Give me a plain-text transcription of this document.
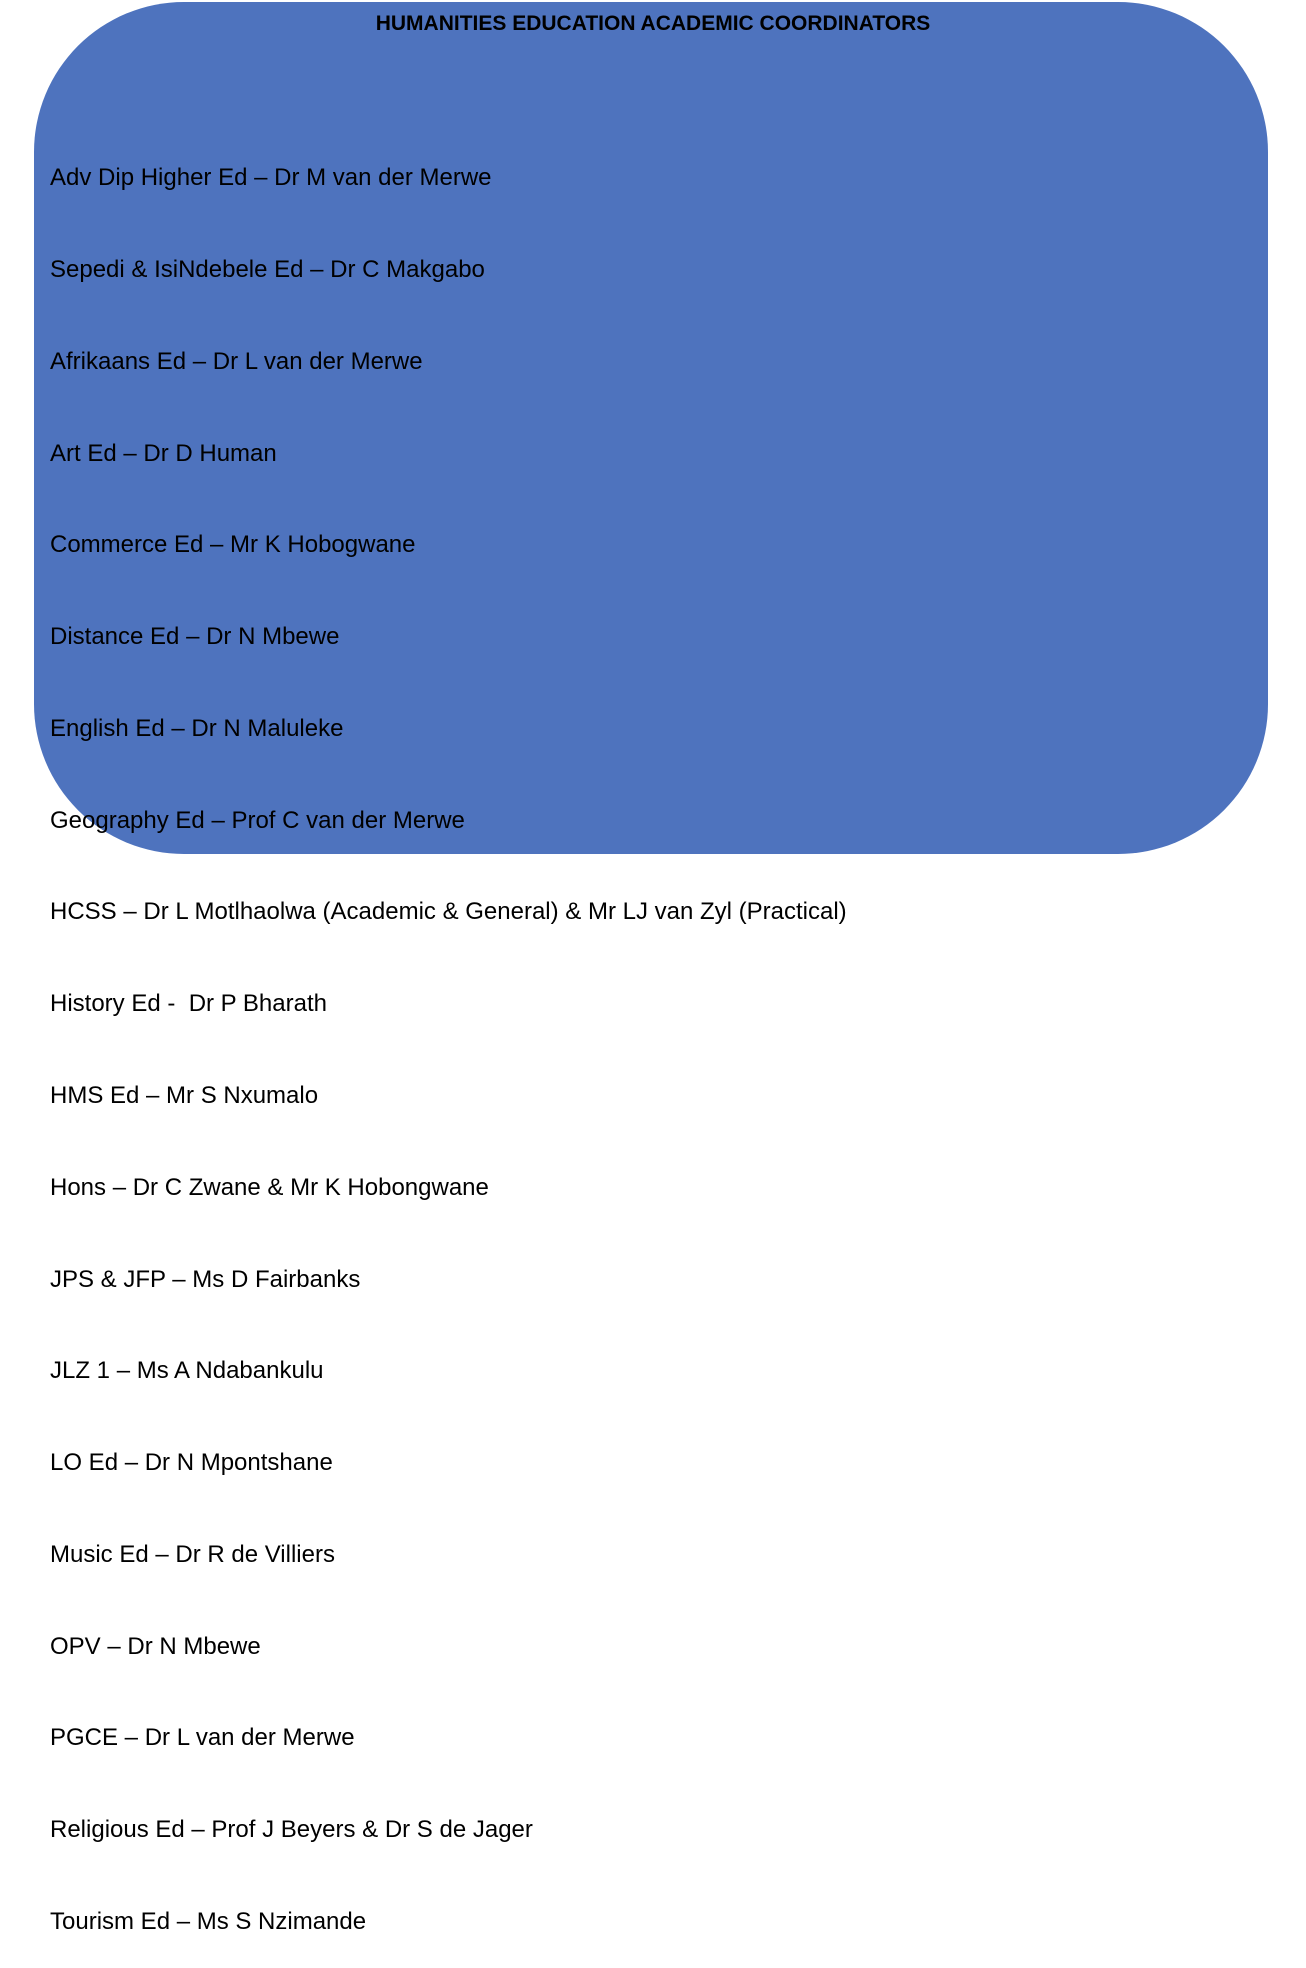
HUMANITIES EDUCATION ACADEMIC COORDINATORS

Adv Dip Higher Ed – Dr M van der Merwe

Sepedi & IsiNdebele Ed – Dr C Makgabo

Afrikaans Ed – Dr L van der Merwe

Art Ed – Dr D Human

Commerce Ed – Mr K Hobogwane

Distance Ed – Dr N Mbewe

English Ed – Dr N Maluleke

Geography Ed – Prof C van der Merwe

HCSS – Dr L Motlhaolwa (Academic & General) & Mr LJ van Zyl (Practical)

History Ed -  Dr P Bharath

HMS Ed – Mr S Nxumalo

Hons – Dr C Zwane & Mr K Hobongwane

JPS & JFP – Ms D Fairbanks

JLZ 1 – Ms A Ndabankulu

LO Ed – Dr N Mpontshane

Music Ed – Dr R de Villiers

OPV – Dr N Mbewe

PGCE – Dr L van der Merwe

Religious Ed – Prof J Beyers & Dr S de Jager

Tourism Ed – Ms S Nzimande
